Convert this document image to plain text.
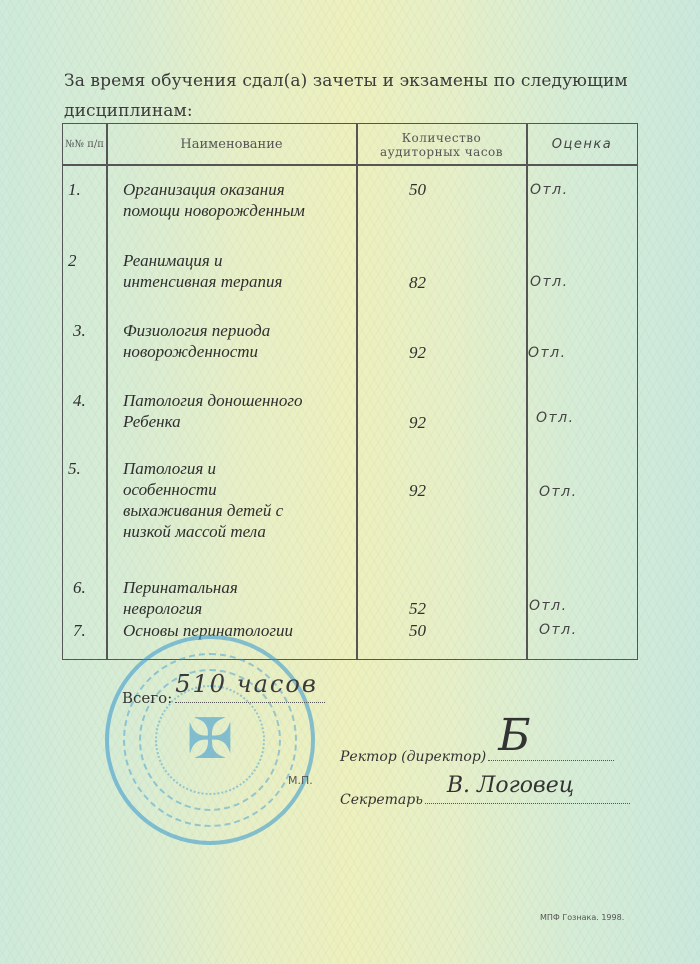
За время обучения сдал(а) зачеты и экзамены по следующим дисциплинам:
№№ п/п	Наименование	Количество
аудиторных часов	Оценка
1. Организация оказания
помощи новорожденным
50	Отл.
2	Реанимация и
интенсивная терапия	82	Отл.
3. Физиология периода
новорожденности	92	Отл.
4. Патология доношенного
Ребенка	92	Отл.
5. Патология и
особенности
выхаживания детей с
низкой массой тела
92	Отл.
6. Перинатальная
неврология	52	Отл.
7. Основы перинатологии	50	Отл.
✠
Всего: 510 часов
Ректор (директор) Б
Секретарь
В. Логовец
М.П.
МПФ Гознака. 1998.
